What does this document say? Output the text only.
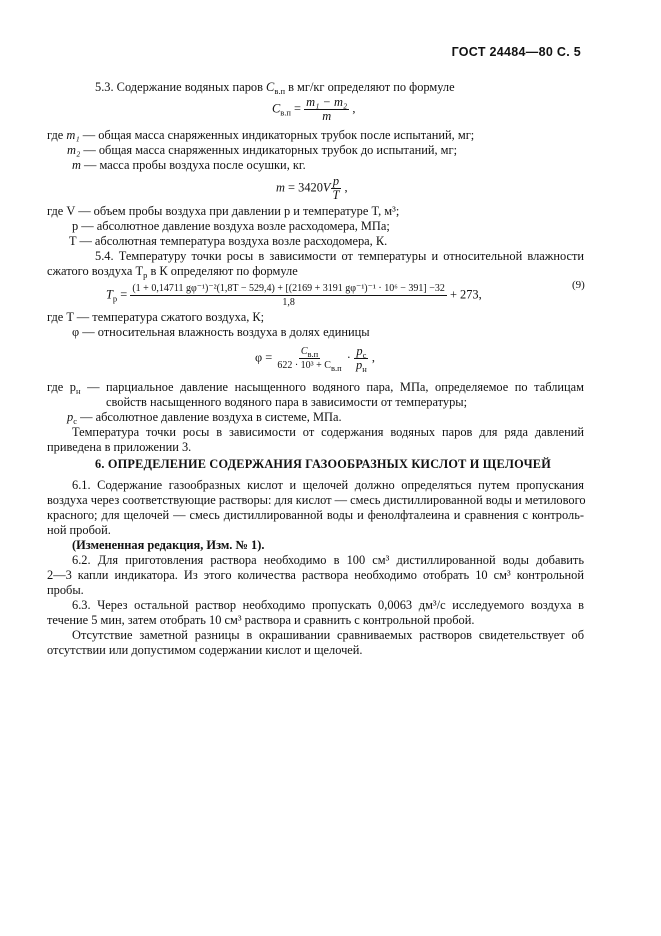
ГОСТ 24484—80 С. 5
5.3. Содержание водяных паров $C_{в.п}$ в мг/кг определяют по формуле
$C_{в.п} = \frac{\text{m₁ − m₂}}{m}$ ,
где m₁ — общая масса снаряженных индикаторных трубок после испытаний, мг;
m₂ — общая масса снаряженных индикаторных трубок до испытаний, мг;
m — масса пробы воздуха после осушки, кг.
$m = 3420V \frac{p}{T}$ ,
где V — объем пробы воздуха при давлении p и температуре T, м³;
p — абсолютное давление воздуха возле расходомера, МПа;
T — абсолютная температура воздуха возле расходомера, К.
5.4. Температуру точки росы в зависимости от температуры и относительной влажности
сжатого воздуха $T_р$ в К определяют по формуле
$T_р = (1 + 0,14711$ gφ⁻¹)⁻²(1,8T − 529,4) + [(2169 + 3191 gφ⁻¹)⁻¹ · 10⁶ − 391] −32
1,8
+ 273,
(9)
где T — температура сжатого воздуха, К;
φ — относительная влажность воздуха в долях единицы
$\varphi = \frac{C_{в.п}}{622 \cdot 10^3 + C_{в.п}} \cdot \frac{p_с}{p_н}$ ,
где $p_н$ — парциальное давление насыщенного водяного пара, МПа, определяемое по таблицам
свойств насыщенного водяного пара в зависимости от температуры;
$p_с$ — абсолютное давление воздуха в системе, МПа.
Температура точки росы в зависимости от содержания водяных паров для ряда давлений
приведена в приложении 3.
6. ОПРЕДЕЛЕНИЕ СОДЕРЖАНИЯ ГАЗООБРАЗНЫХ КИСЛОТ И ЩЕЛОЧЕЙ
6.1. Содержание газообразных кислот и щелочей должно определяться путем пропускания
воздуха через соответствующие растворы: для кислот — смесь дистиллированной воды и метилового
красного; для щелочей — смесь дистиллированной воды и фенолфталеина и сравнения с контроль-
ной пробой.
(Измененная редакция, Изм. № 1).
6.2. Для приготовления раствора необходимо в 100 см³ дистиллированной воды добавить
2—3 капли индикатора. Из этого количества раствора необходимо отобрать 10 см³ контрольной
пробы.
6.3. Через остальной раствор необходимо пропускать 0,0063 дм³/с исследуемого воздуха в
течение 5 мин, затем отобрать 10 см³ раствора и сравнить с контрольной пробой.
Отсутствие заметной разницы в окрашивании сравниваемых растворов свидетельствует об
отсутствии или допустимом содержании кислот и щелочей.
